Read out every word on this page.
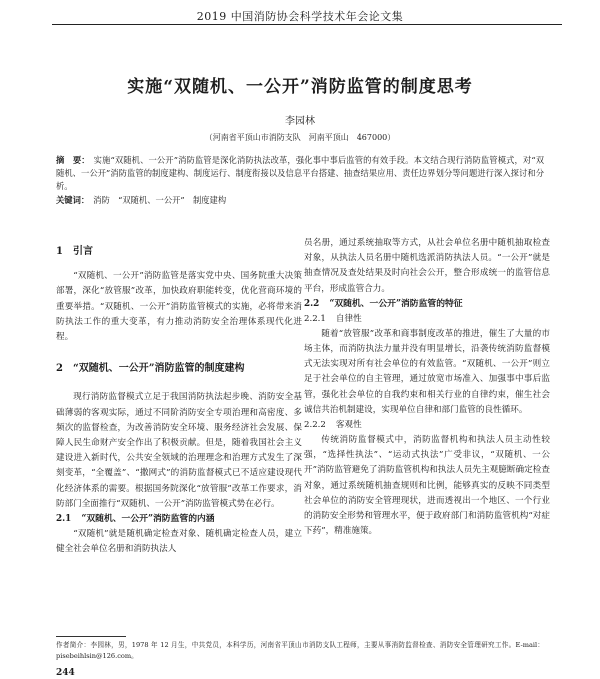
2019 中国消防协会科学技术年会论文集
实施“双随机、一公开”消防监管的制度思考
李园林
（河南省平顶山市消防支队　河南平顶山　467000）
摘　要： 实施“双随机、一公开”消防监管是深化消防执法改革，强化事中事后监管的有效手段。本文结合现行消防监管模式，对“双随机、一公开”消防监管的制度建构、制度运行、制度衔接以及信息平台搭建、抽查结果应用、责任边界划分等问题进行深入探讨和分析。
关键词： 消防　“双随机、一公开”　制度建构
1 引言

“双随机、一公开”消防监管是落实党中央、国务院重大决策部署，深化“放管服”改革，加快政府职能转变，优化营商环境的重要举措。“双随机、一公开”消防监管模式的实施，必将带来消防执法工作的重大变革，有力推动消防安全治理体系现代化进程。

2 “双随机、一公开”消防监管的制度建构

现行消防监督模式立足于我国消防执法起步晚、消防安全基础薄弱的客观实际，通过不同阶消防安全专项治理和高密度、多频次的监督检查，为改善消防安全环境、服务经济社会发展、保障人民生命财产安全作出了积极贡献。但是，随着我国社会主义建设进入新时代，公共安全领域的治理理念和治理方式发生了深刻变革，“全覆盖”、“撒网式”的消防监督模式已不适应建设现代化经济体系的需要。根据国务院深化“放管服”改革工作要求，消防部门全面推行“双随机、一公开”消防监管模式势在必行。

2.1 “双随机、一公开”消防监管的内涵

“双随机”就是随机确定检查对象、随机确定检查人员，建立健全社会单位名册和消防执法人

员名册，通过系统抽取等方式，从社会单位名册中随机抽取检查对象，从执法人员名册中随机选派消防执法人员。“一公开”就是抽查情况及查处结果及时向社会公开，整合形成统一的监管信息平台，形成监管合力。

2.2 “双随机、一公开”消防监管的特征
2.2.1 自律性

随着“放管服”改革和商事制度改革的推进，催生了大量的市场主体，而消防执法力量并没有明显增长，沿袭传统消防监督模式无法实现对所有社会单位的有效监管。“双随机、一公开”则立足于社会单位的自主管理，通过放宽市场准入、加强事中事后监管，强化社会单位的自我约束和相关行业的自律约束，催生社会诚信共治机制建设，实现单位自律和部门监管的良性循环。

2.2.2 客观性

传统消防监督模式中，消防监督机构和执法人员主动性较强，“选择性执法”、“运动式执法”广受非议，“双随机、一公开”消防监管避免了消防监管机构和执法人员先主观臆断确定检查对象，通过系统随机抽查规则和比例，能够真实的反映不同类型社会单位的消防安全管理现状，进而透视出一个地区、一个行业的消防安全形势和管理水平，便于政府部门和消防监管机构“对症下药”，精准施策。

作者简介：李园林，男，1978 年 12 月生，中共党员，本科学历，河南省平顶山市消防支队工程师，主要从事消防监督检查、消防安全管理研究工作。E-mail：pisebeihlsin@126.com。
244
